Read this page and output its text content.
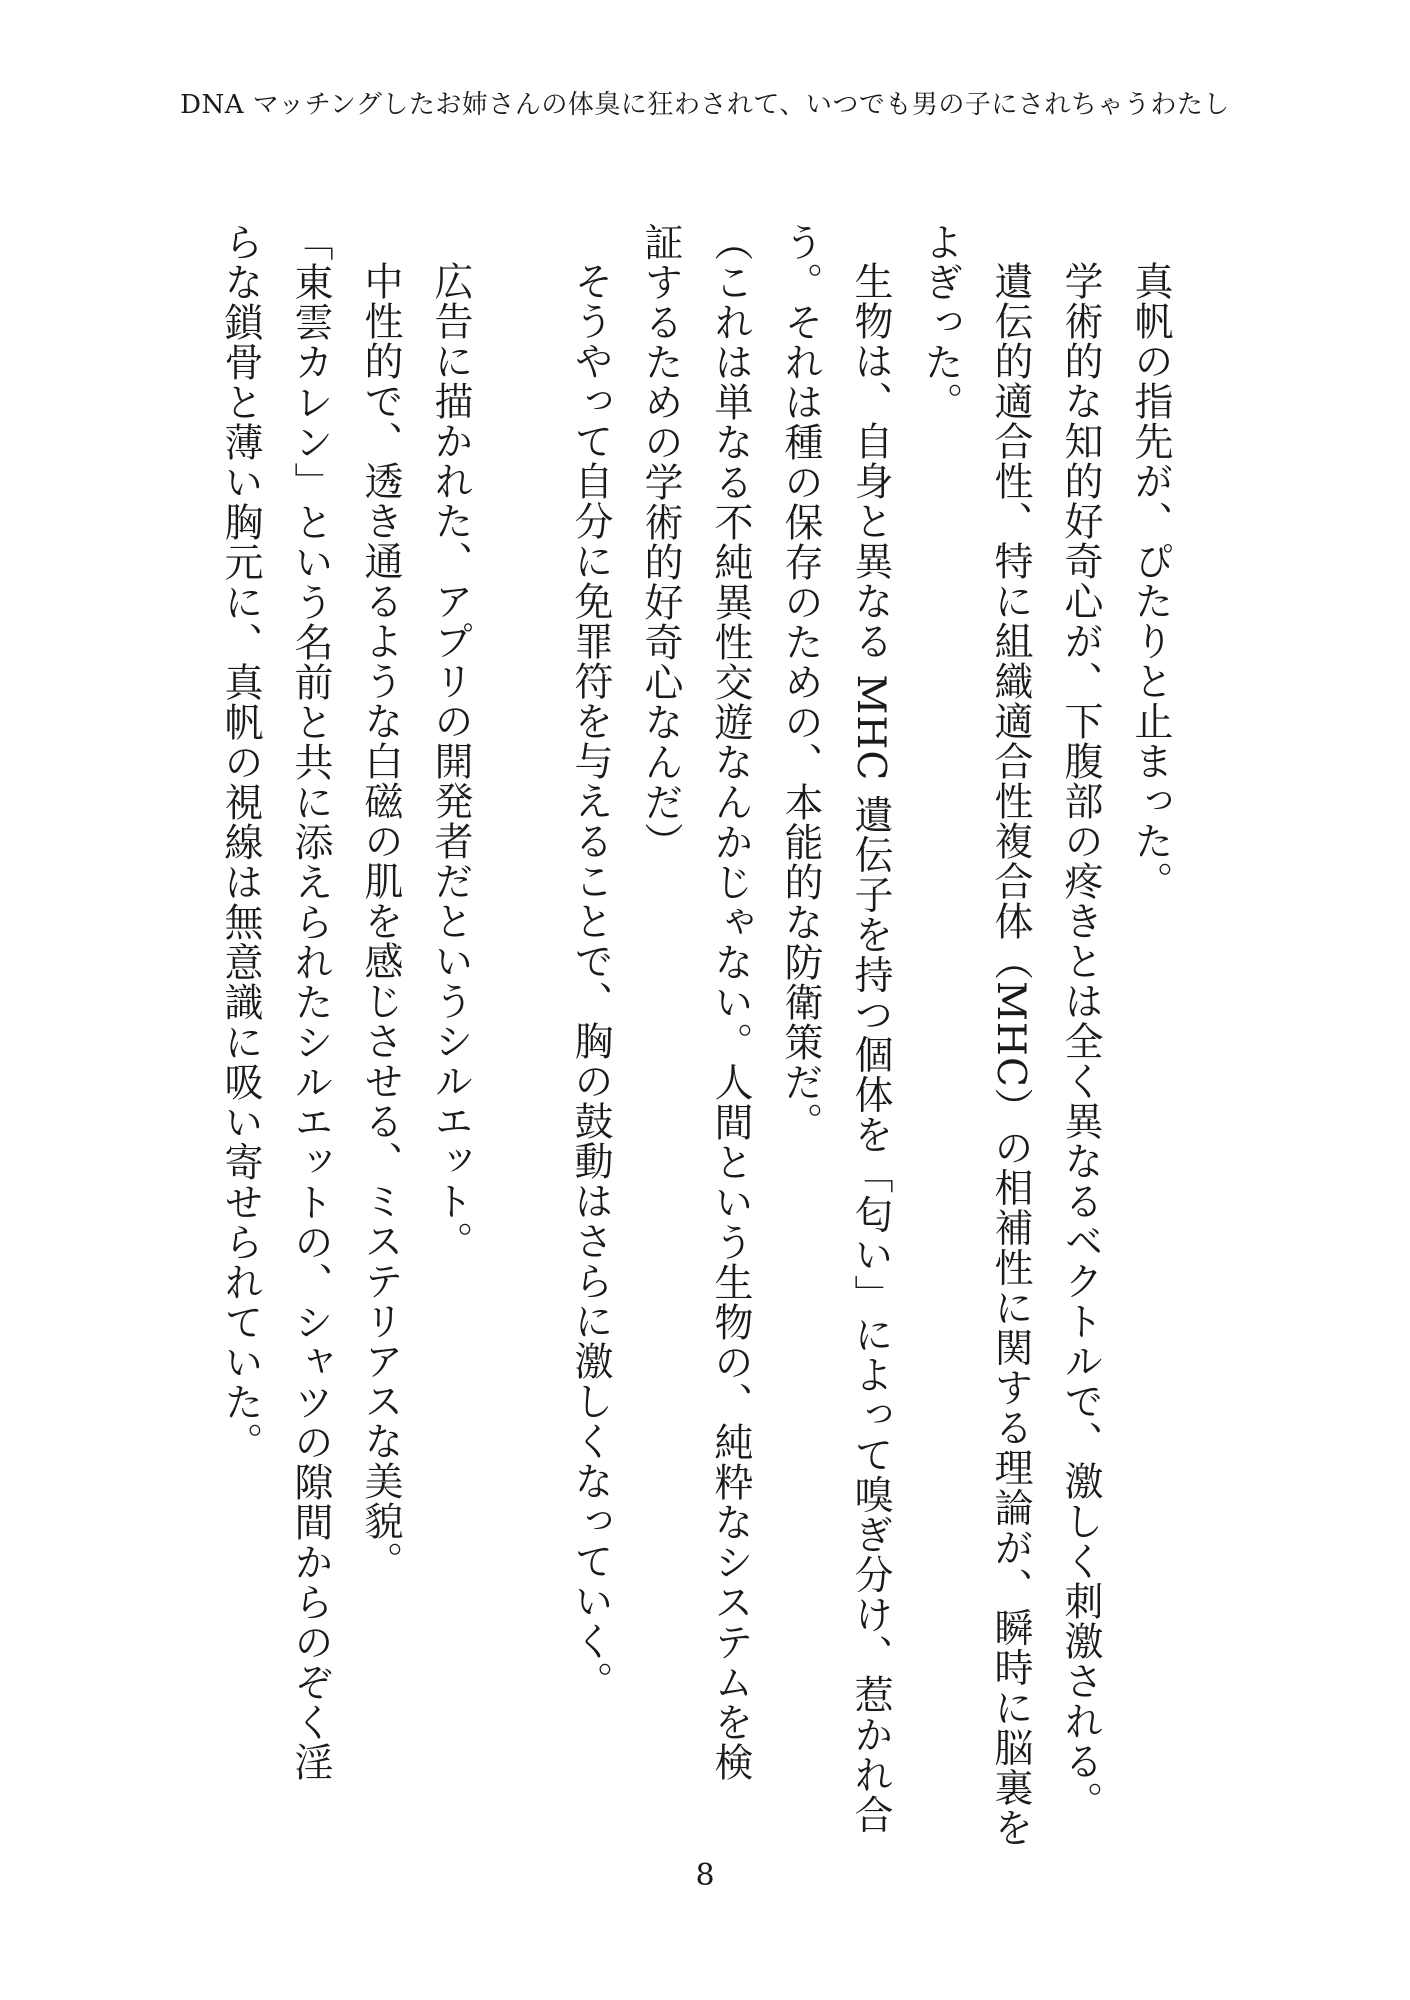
DNA マッチングしたお姉さんの体臭に狂わされて、いつでも男の子にされちゃうわたし
真帆の指先が、ぴたりと止まった。
学術的な知的好奇心が、下腹部の疼きとは全く異なるベクトルで、激しく刺激される。
遺伝的適合性、特に組織適合性複合体（MHC）の相補性に関する理論が、瞬時に脳裏を
よぎった。
生物は、自身と異なる MHC 遺伝子を持つ個体を「匂い」によって嗅ぎ分け、惹かれ合
う。それは種の保存のための、本能的な防衛策だ。
（これは単なる不純異性交遊なんかじゃない。人間という生物の、純粋なシステムを検
証するための学術的好奇心なんだ）
そうやって自分に免罪符を与えることで、胸の鼓動はさらに激しくなっていく。
広告に描かれた、アプリの開発者だというシルエット。
中性的で、透き通るような白磁の肌を感じさせる、ミステリアスな美貌。
「東雲カレン」という名前と共に添えられたシルエットの、シャツの隙間からのぞく淫
らな鎖骨と薄い胸元に、真帆の視線は無意識に吸い寄せられていた。
8
